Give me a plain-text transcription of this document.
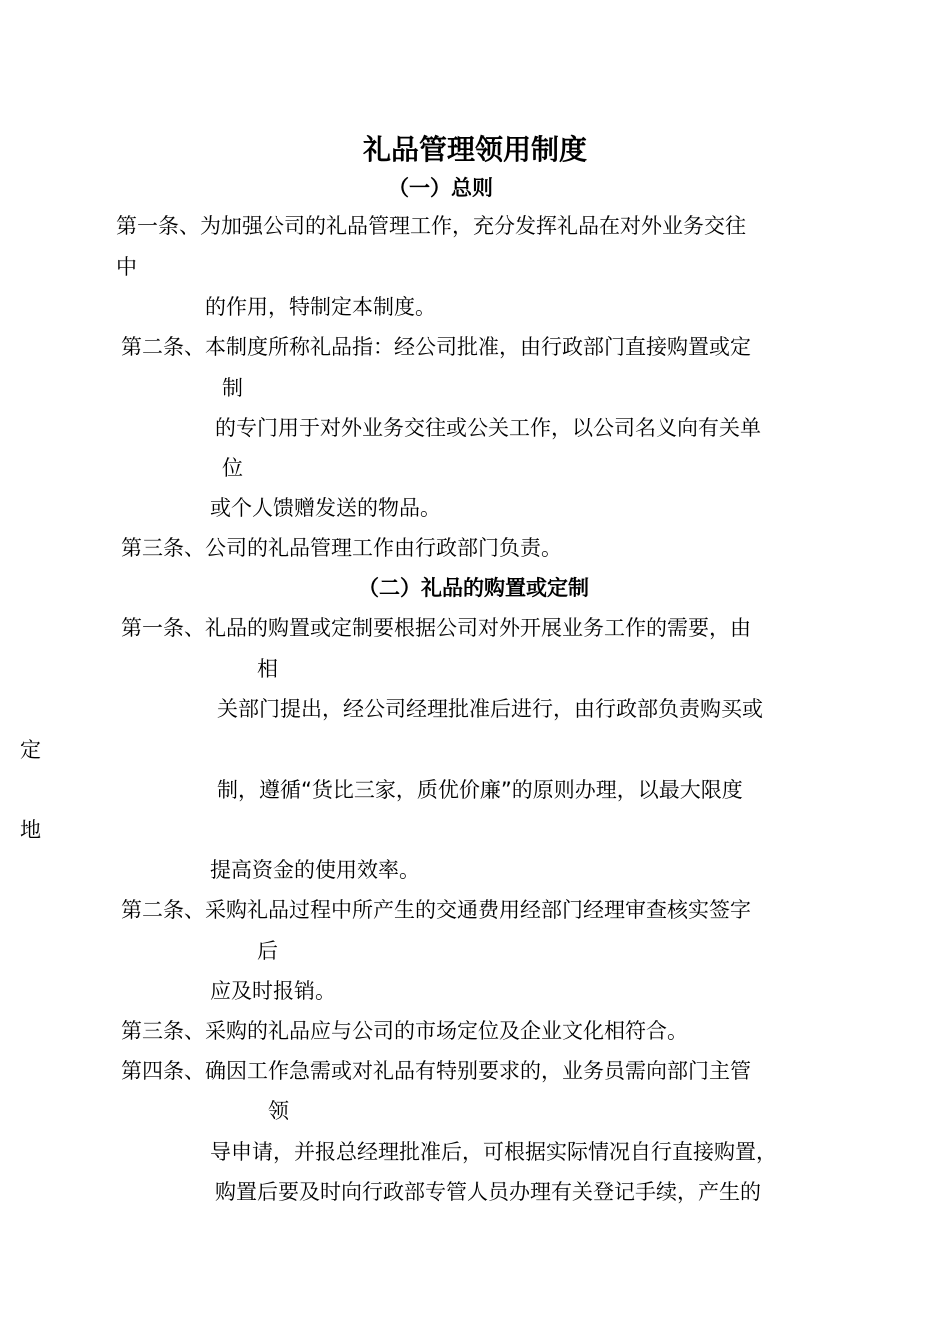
礼品管理领用制度
（一）总则
第一条、为加强公司的礼品管理工作，充分发挥礼品在对外业务交往
中
的作用，特制定本制度。
第二条、本制度所称礼品指：经公司批准，由行政部门直接购置或定
制
的专门用于对外业务交往或公关工作，以公司名义向有关单
位
或个人馈赠发送的物品。
第三条、公司的礼品管理工作由行政部门负责。
（二）礼品的购置或定制
第一条、礼品的购置或定制要根据公司对外开展业务工作的需要，由
相
关部门提出，经公司经理批准后进行，由行政部负责购买或
定
制，遵循“货比三家，质优价廉”的原则办理，以最大限度
地
提高资金的使用效率。
第二条、采购礼品过程中所产生的交通费用经部门经理审查核实签字
后
应及时报销。
第三条、采购的礼品应与公司的市场定位及企业文化相符合。
第四条、确因工作急需或对礼品有特别要求的，业务员需向部门主管
领
导申请，并报总经理批准后，可根据实际情况自行直接购置，
购置后要及时向行政部专管人员办理有关登记手续，产生的
